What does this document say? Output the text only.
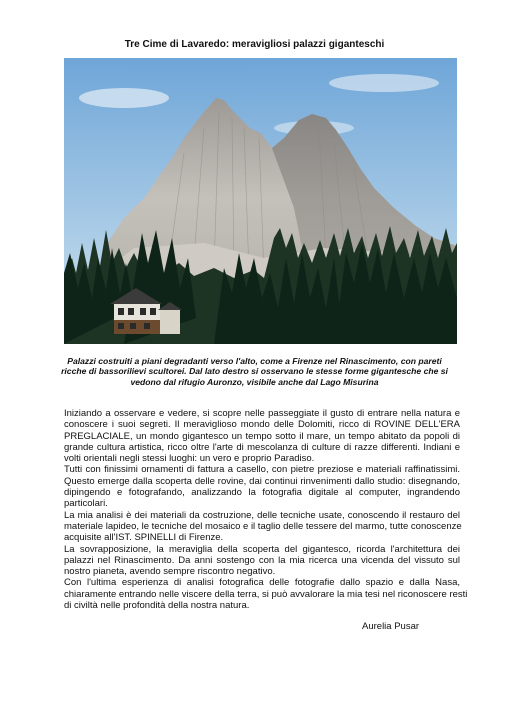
Tre Cime di Lavaredo: meravigliosi palazzi giganteschi
Palazzi costruiti a piani degradanti verso l'alto, come a Firenze nel Rinascimento, con pareti
ricche di bassorilievi scultorei. Dal lato destro si osservano le stesse forme gigantesche che si
vedono dal rifugio Auronzo, visibile anche dal Lago Misurina
Iniziando a osservare e vedere, si scopre nelle passeggiate il gusto di entrare nella natura e
conoscere i suoi segreti. Il meraviglioso mondo delle Dolomiti, ricco di ROVINE DELL'ERA
PREGLACIALE, un mondo gigantesco un tempo sotto il mare, un tempo abitato da popoli di
grande cultura artistica, ricco oltre l'arte di mescolanza di culture di razze differenti. Indiani e
volti orientali negli stessi luoghi: un vero e proprio Paradiso.
Tutti con finissimi ornamenti di fattura a casello, con pietre preziose e materiali raffinatissimi.
Questo emerge dalla scoperta delle rovine, dai continui rinvenimenti dallo studio: disegnando,
dipingendo e fotografando, analizzando la fotografia digitale al computer, ingrandendo
particolari.
La mia analisi è dei materiali da costruzione, delle tecniche usate, conoscendo il restauro del
materiale lapideo, le tecniche del mosaico e il taglio delle tessere del marmo, tutte conoscenze
acquisite all'IST. SPINELLI di Firenze.
La sovrapposizione, la meraviglia della scoperta del gigantesco, ricorda l'architettura dei
palazzi nel Rinascimento. Da anni sostengo con la mia ricerca una vicenda del vissuto sul
nostro pianeta, avendo sempre riscontro negativo.
Con l'ultima esperienza di analisi fotografica delle fotografie dallo spazio e dalla Nasa,
chiaramente entrando nelle viscere della terra, si può avvalorare la mia tesi nel riconoscere resti
di civiltà nelle profondità della nostra natura.
Aurelia Pusar
